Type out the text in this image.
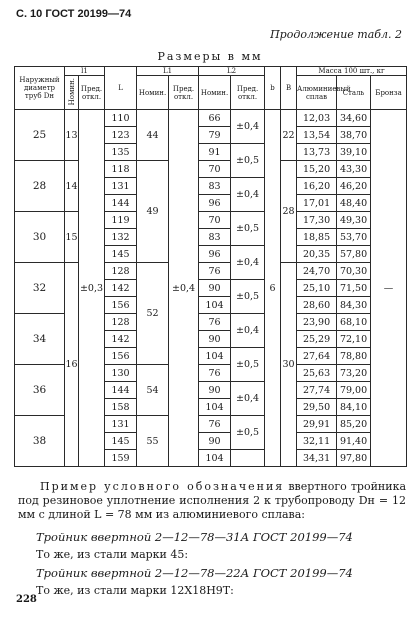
С. 10 ГОСТ 20199—74
Продолжение табл. 2
Размеры в мм
Наружный диаметр труб Dн	l1		L	L1		L2		b	B	Масса 100 шт., кг		
	Номин.	Пред. откл.		Номин.	Пред. откл.	Номин.	Пред. откл.			Алюминиевый сплав	Сталь	Бронза
25	13	±0,3	110	44	±0,4	66	±0,4	6	22	12,03	34,60	—
			123			79				13,54	38,70	
			135			91	±0,5			13,73	39,10	
28	14		118	49		70			28	15,20	43,30	
			131			83	±0,4			16,20	46,20	
			144			96				17,01	48,40	
30	15		119			70	±0,5			17,30	49,30	
			132			83				18,85	53,70	
			145			96	±0,4			20,35	57,80	
32	16		128	52		76			30	24,70	70,30	
			142			90	±0,5			25,10	71,50	
			156			104				28,60	84,30	
34			128			76	±0,4			23,90	68,10	
			142			90				25,29	72,10	
			156			104	±0,5			27,64	78,80	
36			130	54		76				25,63	73,20	
			144			90	±0,4			27,74	79,00	
			158			104				29,50	84,10	
38			131	55		76	±0,5			29,91	85,20	
			145			90				32,11	91,40	
			159			104				34,31	97,80	
Пример условного обозначения ввертного тройника под резиновое уплотнение исполнения 2 к трубопроводу Dн = 12 мм с длиной L = 78 мм из алюминиевого сплава:
Тройник ввертной 2—12—78—31А ГОСТ 20199—74
То же, из стали марки 45:
Тройник ввертной 2—12—78—22А ГОСТ 20199—74
То же, из стали марки 12Х18Н9Т:
228
